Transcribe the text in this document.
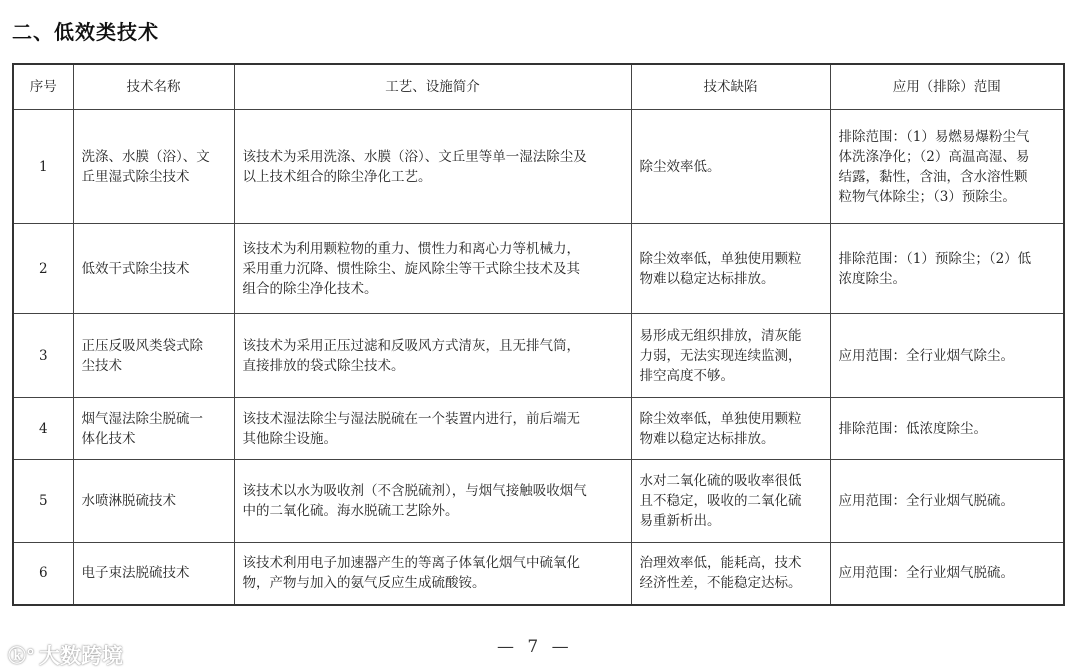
二、低效类技术
序号	技术名称	工艺、设施简介	技术缺陷	应用（排除）范围
1	洗涤、水膜（浴）、文
丘里湿式除尘技术	该技术为采用洗涤、水膜（浴）、文丘里等单一湿法除尘及
以上技术组合的除尘净化工艺。	除尘效率低。	排除范围：（1）易燃易爆粉尘气
体洗涤净化；（2）高温高湿、易
结露，黏性，含油，含水溶性颗
粒物气体除尘；（3）预除尘。

2	低效干式除尘技术	该技术为利用颗粒物的重力、惯性力和离心力等机械力，
采用重力沉降、惯性除尘、旋风除尘等干式除尘技术及其
组合的除尘净化技术。	除尘效率低，单独使用颗粒
物难以稳定达标排放。	排除范围：（1）预除尘；（2）低
浓度除尘。

3	正压反吸风类袋式除
尘技术	该技术为采用正压过滤和反吸风方式清灰，且无排气筒，
直接排放的袋式除尘技术。	易形成无组织排放，清灰能
力弱，无法实现连续监测，
排空高度不够。	应用范围：全行业烟气除尘。

4	烟气湿法除尘脱硫一
体化技术	该技术湿法除尘与湿法脱硫在一个装置内进行，前后端无
其他除尘设施。	除尘效率低，单独使用颗粒
物难以稳定达标排放。	排除范围：低浓度除尘。

5	水喷淋脱硫技术	该技术以水为吸收剂（不含脱硫剂），与烟气接触吸收烟气
中的二氧化硫。海水脱硫工艺除外。	水对二氧化硫的吸收率很低
且不稳定，吸收的二氧化硫
易重新析出。	应用范围：全行业烟气脱硫。

6	电子束法脱硫技术	该技术利用电子加速器产生的等离子体氧化烟气中硫氧化
物，产物与加入的氨气反应生成硫酸铵。	治理效率低，能耗高，技术
经济性差，不能稳定达标。	应用范围：全行业烟气脱硫。
ⓚ° 大数跨境	— 7 —
